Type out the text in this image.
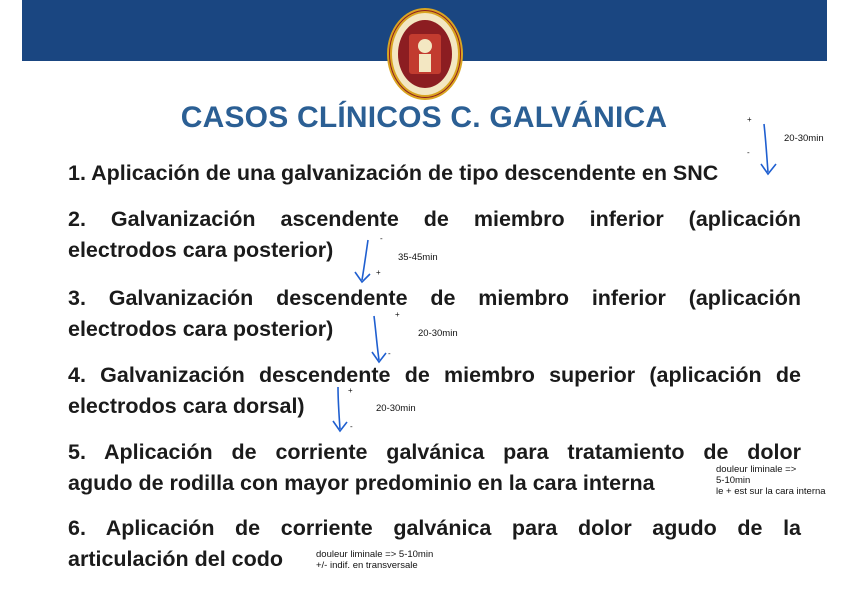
CASOS CLÍNICOS C. GALVÁNICA
1. Aplicación de una galvanización de tipo descendente en SNC
2. Galvanización ascendente de miembro inferior (aplicación
electrodos cara posterior)
3. Galvanización descendente de miembro inferior (aplicación
electrodos cara posterior)
4. Galvanización descendente de miembro superior (aplicación de
electrodos cara dorsal)
5. Aplicación de corriente galvánica para tratamiento de dolor
agudo de rodilla con mayor predominio en la cara interna
6. Aplicación de corriente galvánica para dolor agudo de la
articulación del codo
+
-
20-30min
-
+
35-45min
+
-
20-30min
+
-
20-30min
douleur liminale =>
5-10min
le + est sur la cara interna
douleur liminale => 5-10min
+/- indif. en transversale
